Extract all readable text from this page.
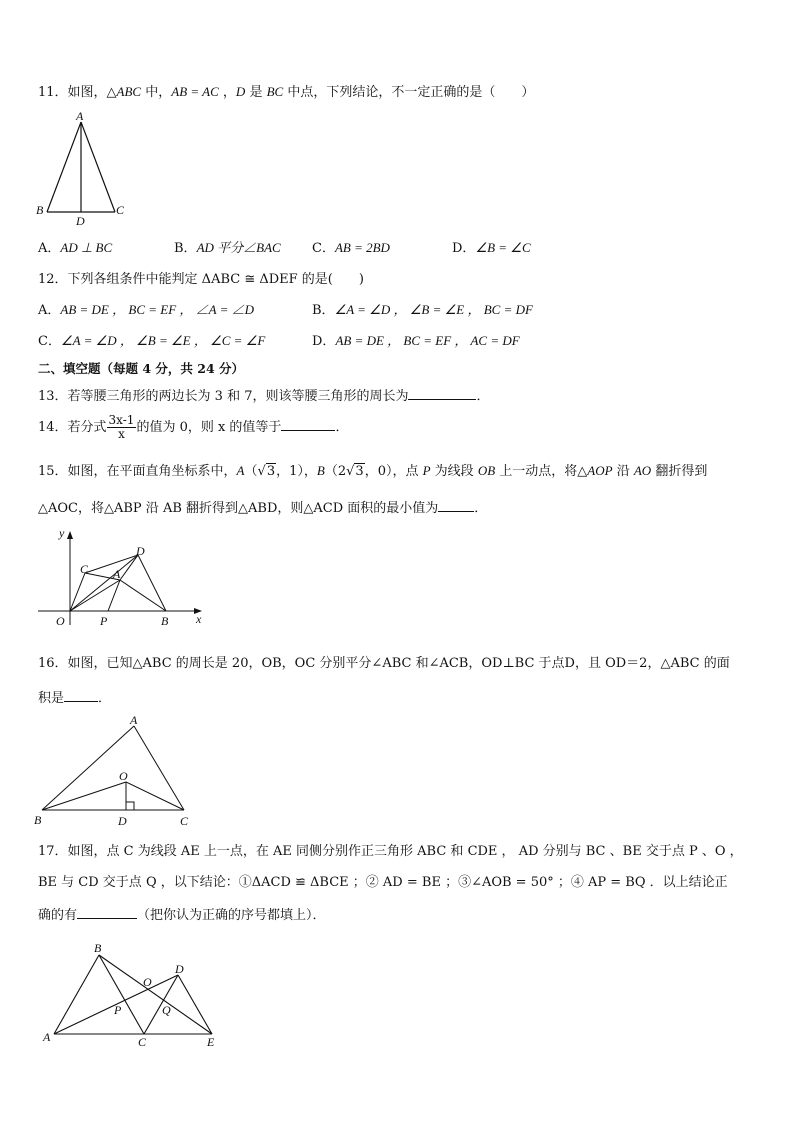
11．如图，△ABC 中，AB = AC ，D 是 BC 中点，下列结论，不一定正确的是（　　）
A
B	C
D
A．AD ⊥ BC	B．AD 平分∠BAC C．AB = 2BD	D．∠B = ∠C
12．下列各组条件中能判定 ΔABC ≅ ΔDEF 的是(　　)
A．AB = DE ， BC = EF ， ∠A = ∠D	B．∠A = ∠D ， ∠B = ∠E ， BC = DF
C．∠A = ∠D ， ∠B = ∠E ， ∠C = ∠F	D．AB = DE ， BC = EF ， AC = DF
二、填空题（每题 4 分，共 24 分）
13．若等腰三角形的两边长为 3 和 7，则该等腰三角形的周长为	．
14．若分式 $\frac{3x-1}{x}$ 的值为 0，则 x 的值等于	．
15．如图，在平面直角坐标系中，A（√3，1），B（2√3，0），点 P 为线段 OB 上一动点，将△AOP 沿 AO 翻折得到
△AOC，将△ABP 沿 AB 翻折得到△ABD，则△ACD 面积的最小值为	．
y
x
O	P	B
C A
D
16．如图，已知△ABC 的周长是 20，OB，OC 分别平分∠ABC 和∠ACB，OD⊥BC 于点D，且 OD＝2，△ABC 的面
积是	．
A
O
B	D	C
17．如图，点 C 为线段 AE 上一点，在 AE 同侧分别作正三角形 ABC 和 CDE ， AD 分别与 BC 、BE 交于点 P 、O ，
BE 与 CD 交于点 Q ，以下结论：①ΔACD ≌ ΔBCE ；② AD = BE ；③∠AOB = 50° ；④ AP = BQ ．以上结论正
确的有	（把你认为正确的序号都填上）．
B
D
O
P	Q
A	C	E
